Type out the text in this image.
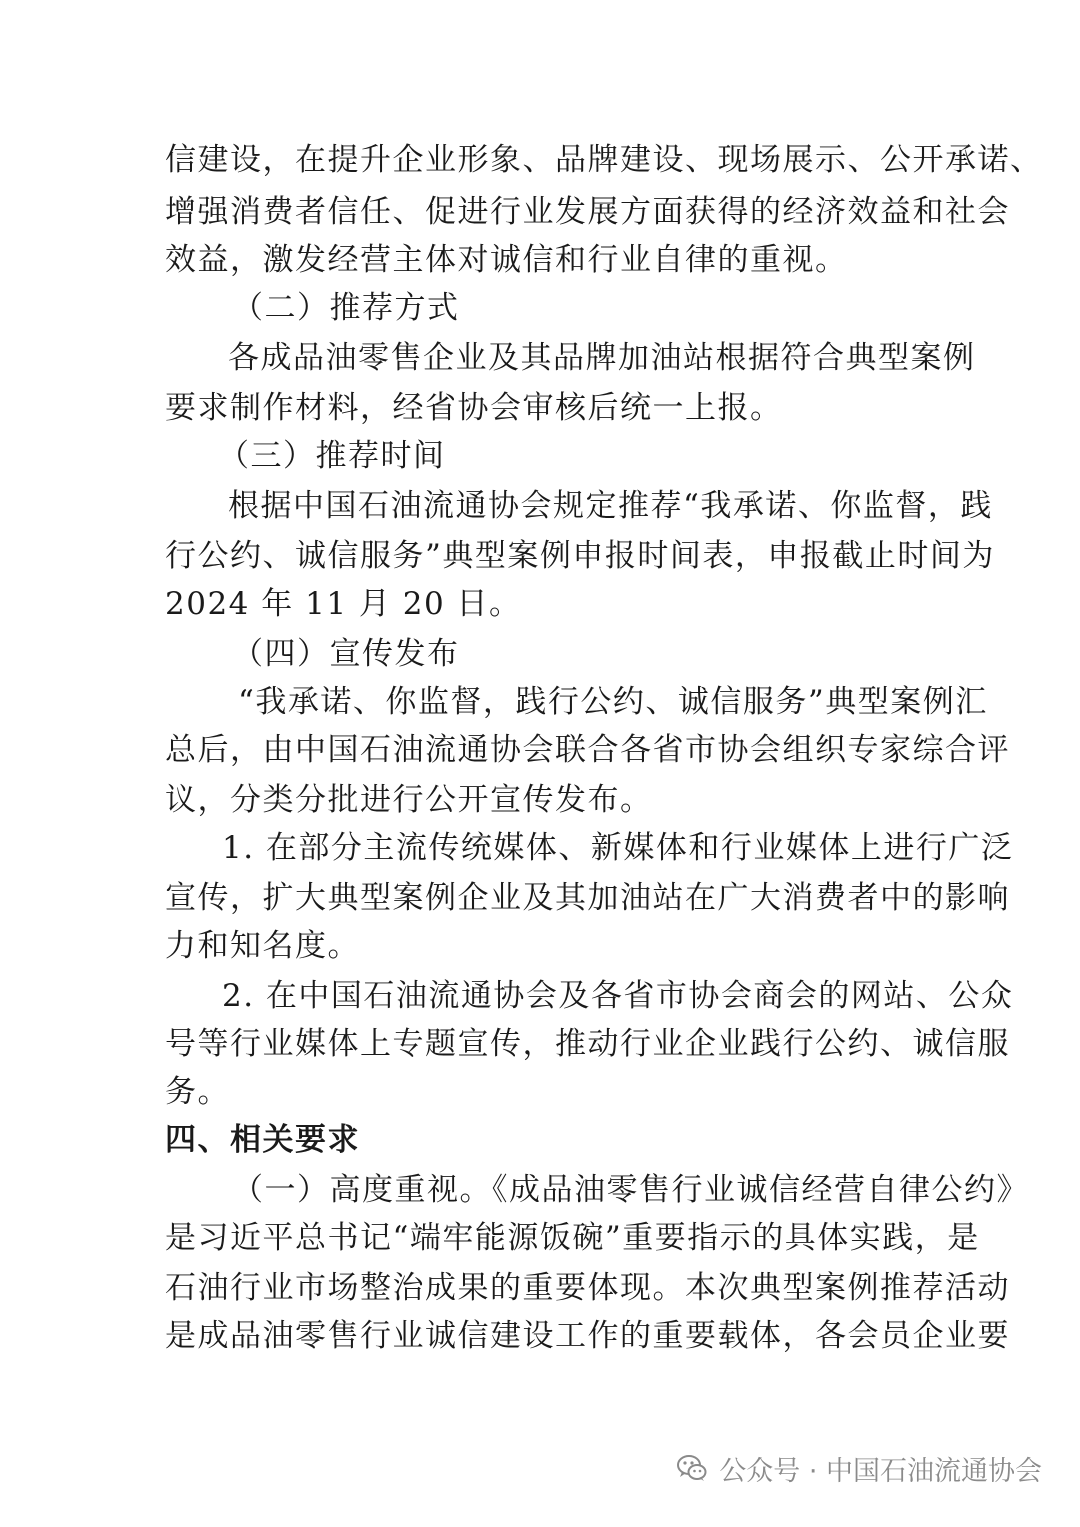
信建设，在提升企业形象、品牌建设、现场展示、公开承诺、
增强消费者信任、促进行业发展方面获得的经济效益和社会
效益，激发经营主体对诚信和行业自律的重视。
（二）推荐方式
各成品油零售企业及其品牌加油站根据符合典型案例
要求制作材料，经省协会审核后统一上报。
（三）推荐时间
根据中国石油流通协会规定推荐“我承诺、你监督，践
行公约、诚信服务”典型案例申报时间表，申报截止时间为
2024 年 11 月 20 日。
（四）宣传发布
“我承诺、你监督，践行公约、诚信服务”典型案例汇
总后，由中国石油流通协会联合各省市协会组织专家综合评
议，分类分批进行公开宣传发布。
1. 在部分主流传统媒体、新媒体和行业媒体上进行广泛
宣传，扩大典型案例企业及其加油站在广大消费者中的影响
力和知名度。
2. 在中国石油流通协会及各省市协会商会的网站、公众
号等行业媒体上专题宣传，推动行业企业践行公约、诚信服
务。
四、相关要求
（一）高度重视。《成品油零售行业诚信经营自律公约》
是习近平总书记“端牢能源饭碗”重要指示的具体实践，是
石油行业市场整治成果的重要体现。本次典型案例推荐活动
是成品油零售行业诚信建设工作的重要载体，各会员企业要
公众号 · 中国石油流通协会
